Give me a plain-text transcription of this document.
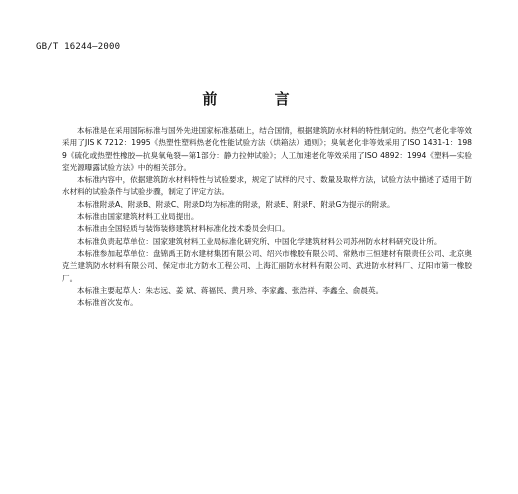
GB/T 16244—2000
前 言

本标准是在采用国际标准与国外先进国家标准基础上，结合国情，根据建筑防水材料的特性制定的。热空气老化非等效采用了JIS K 7212：1995《热塑性塑料热老化性能试验方法（烘箱法）通则》；臭氧老化非等效采用了ISO 1431-1：1989《硫化或热塑性橡胶—抗臭氧龟裂—第1部分：静力拉伸试验》；人工加速老化等效采用了ISO 4892：1994《塑料—实验室光源曝露试验方法》中的相关部分。

本标准内容中，依据建筑防水材料特性与试验要求，规定了试样的尺寸、数量及取样方法，试验方法中描述了适用于防水材料的试验条件与试验步骤，制定了评定方法。

本标准附录A、附录B、附录C、附录D均为标准的附录，附录E、附录F、附录G为提示的附录。

本标准由国家建筑材料工业局提出。

本标准由全国轻质与装饰装修建筑材料标准化技术委员会归口。

本标准负责起草单位：国家建筑材料工业局标准化研究所、中国化学建筑材料公司苏州防水材料研究设计所。

本标准参加起草单位：盘锦禹王防水建材集团有限公司、绍兴市橡胶有限公司、常熟市三恒建材有限责任公司、北京奥克兰建筑防水材料有限公司、保定市北方防水工程公司、上海汇丽防水材料有限公司、武进防水材料厂、辽阳市第一橡胶厂。

本标准主要起草人：朱志远、姜 斌、蒋福民、黄月珍、李家鑫、张浩祥、李鑫全、俞晨英。

本标准首次发布。
